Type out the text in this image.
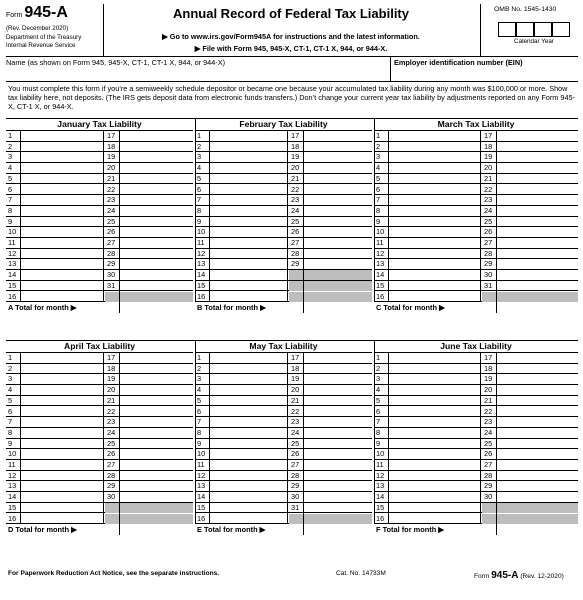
Form 945-A
(Rev. December 2020)
Department of the Treasury
Internal Revenue Service
Annual Record of Federal Tax Liability
▶ Go to www.irs.gov/Form945A for instructions and the latest information.
▶ File with Form 945, 945-X, CT-1, CT-1 X, 944, or 944-X.
OMB No. 1545-1430
Calendar Year
Name (as shown on Form 945, 945-X, CT-1, CT-1 X, 944, or 944-X)	Employer identification number (EIN)
You must complete this form if you’re a semiweekly schedule depositor or became one because your accumulated tax liability during any month was $100,000 or more. Show tax liability here, not deposits. (The IRS gets deposit data from electronic funds transfers.) Don’t change your current year tax liability by adjustments reported on any Form 945-X, CT-1 X, or 944-X.
January Tax Liability
1	17
2	18
3	19
4	20
5	21
6	22
7	23
8	24
9	25
10	26
11	27
12	28
13	29
14	30
15	31
16
A Total for month ▶
February Tax Liability
1	17
2	18
3	19
4	20
5	21
6	22
7	23
8	24
9	25
10	26
11	27
12	28
13	29
14
15
16
B Total for month ▶
March Tax Liability
1	17
2	18
3	19
4	20
5	21
6	22
7	23
8	24
9	25
10	26
11	27
12	28
13	29
14	30
15	31
16
C Total for month ▶
April Tax Liability
1	17
2	18
3	19
4	20
5	21
6	22
7	23
8	24
9	25
10	26
11	27
12	28
13	29
14	30
15
16
D Total for month ▶
May Tax Liability
1	17
2	18
3	19
4	20
5	21
6	22
7	23
8	24
9	25
10	26
11	27
12	28
13	29
14	30
15	31
16
E Total for month ▶
June Tax Liability
1	17
2	18
3	19
4	20
5	21
6	22
7	23
8	24
9	25
10	26
11	27
12	28
13	29
14	30
15
16
F Total for month ▶
For Paperwork Reduction Act Notice, see the separate instructions.	Cat. No. 14733M	Form 945-A (Rev. 12-2020)
